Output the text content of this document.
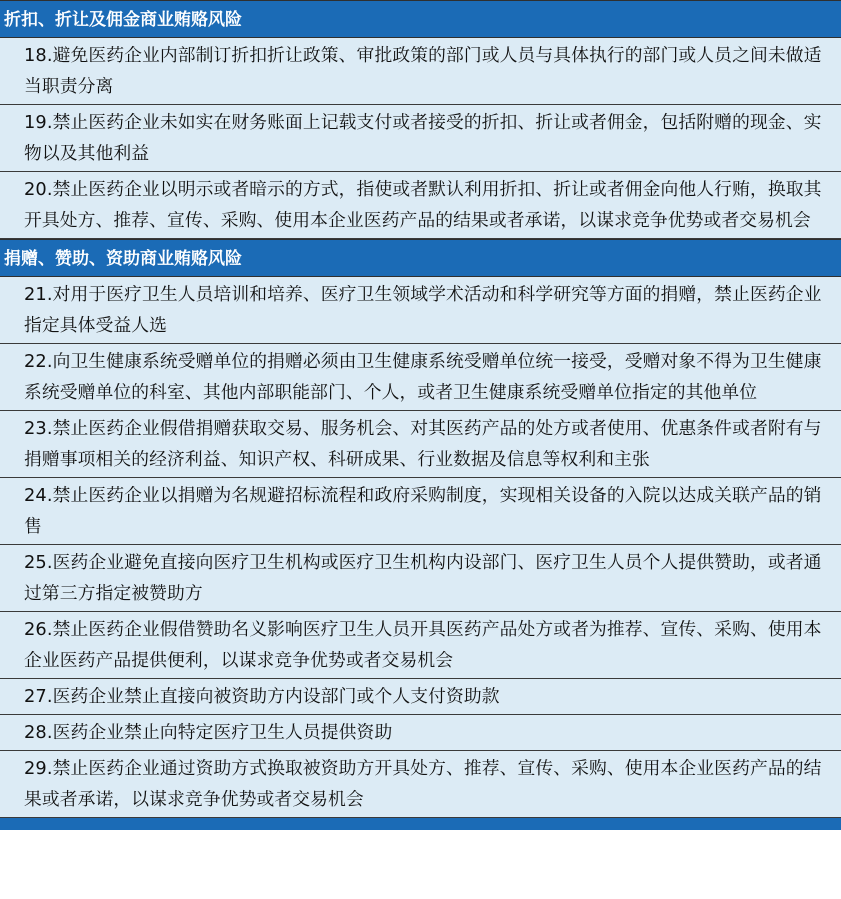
折扣、折让及佣金商业贿赂风险
18.避免医药企业内部制订折扣折让政策、审批政策的部门或人员与具体执行的部门或人员之间未做适当职责分离
19.禁止医药企业未如实在财务账面上记载支付或者接受的折扣、折让或者佣金，包括附赠的现金、实物以及其他利益
20.禁止医药企业以明示或者暗示的方式，指使或者默认利用折扣、折让或者佣金向他人行贿，换取其开具处方、推荐、宣传、采购、使用本企业医药产品的结果或者承诺，以谋求竞争优势或者交易机会
捐赠、赞助、资助商业贿赂风险
21.对用于医疗卫生人员培训和培养、医疗卫生领域学术活动和科学研究等方面的捐赠，禁止医药企业指定具体受益人选
22.向卫生健康系统受赠单位的捐赠必须由卫生健康系统受赠单位统一接受，受赠对象不得为卫生健康系统受赠单位的科室、其他内部职能部门、个人，或者卫生健康系统受赠单位指定的其他单位
23.禁止医药企业假借捐赠获取交易、服务机会、对其医药产品的处方或者使用、优惠条件或者附有与捐赠事项相关的经济利益、知识产权、科研成果、行业数据及信息等权利和主张
24.禁止医药企业以捐赠为名规避招标流程和政府采购制度，实现相关设备的入院以达成关联产品的销售
25.医药企业避免直接向医疗卫生机构或医疗卫生机构内设部门、医疗卫生人员个人提供赞助，或者通过第三方指定被赞助方
26.禁止医药企业假借赞助名义影响医疗卫生人员开具医药产品处方或者为推荐、宣传、采购、使用本企业医药产品提供便利，以谋求竞争优势或者交易机会
27.医药企业禁止直接向被资助方内设部门或个人支付资助款
28.医药企业禁止向特定医疗卫生人员提供资助
29.禁止医药企业通过资助方式换取被资助方开具处方、推荐、宣传、采购、使用本企业医药产品的结果或者承诺，以谋求竞争优势或者交易机会
